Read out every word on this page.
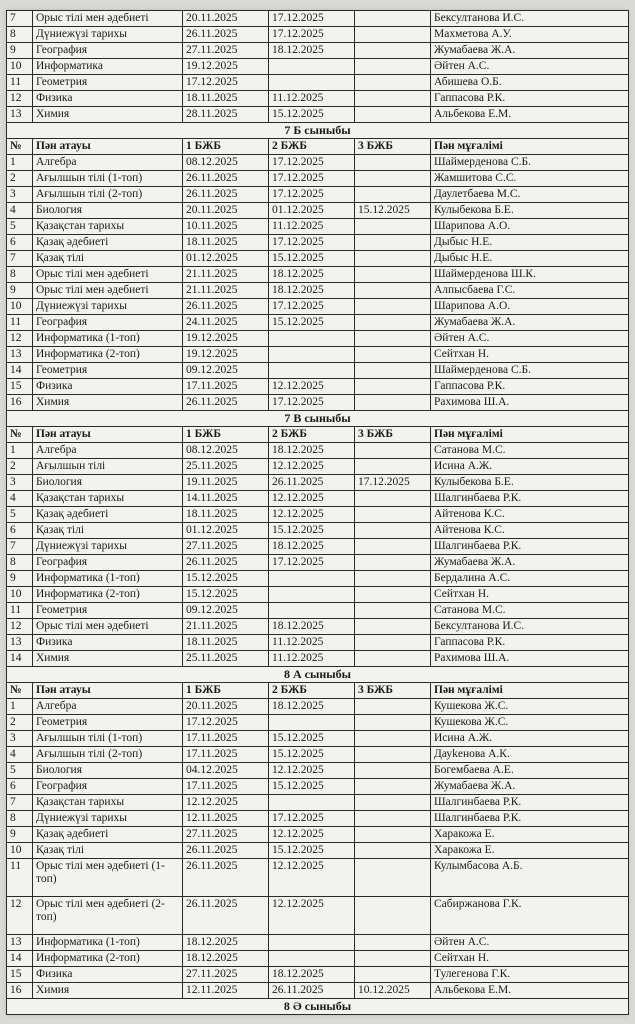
7	Орыс тілі мен әдебиеті	20.11.2025	17.12.2025		Бексултанова И.С.
8	Дүниежүзі тарихы	26.11.2025	17.12.2025		Махметова А.У.
9	География	27.11.2025	18.12.2025		Жумабаева Ж.А.
10	Информатика	19.12.2025			Әйтен А.С.
11	Геометрия	17.12.2025			Абишева О.Б.
12	Физика	18.11.2025	11.12.2025		Гаппасова Р.К.
13	Химия	28.11.2025	15.12.2025		Альбекова Е.М.
7 Б сыныбы					
№	Пән атауы	1 БЖБ	2 БЖБ	3 БЖБ	Пән мұғалімі
1	Алгебра	08.12.2025	17.12.2025		Шаймерденова С.Б.
2	Ағылшын тілі (1-топ)	26.11.2025	17.12.2025		Жамшитова С.С.
3	Ағылшын тілі (2-топ)	26.11.2025	17.12.2025		Даулетбаева М.С.
4	Биология	20.11.2025	01.12.2025	15.12.2025	Кулыбекова Б.Е.
5	Қазақстан тарихы	10.11.2025	11.12.2025		Шарипова А.О.
6	Қазақ әдебиеті	18.11.2025	17.12.2025		Дыбыс Н.Е.
7	Қазақ тілі	01.12.2025	15.12.2025		Дыбыс Н.Е.
8	Орыс тілі мен әдебиеті	21.11.2025	18.12.2025		Шаймерденова Ш.К.
9	Орыс тілі мен әдебиеті	21.11.2025	18.12.2025		Алпысбаева Г.С.
10	Дүниежүзі тарихы	26.11.2025	17.12.2025		Шарипова А.О.
11	География	24.11.2025	15.12.2025		Жумабаева Ж.А.
12	Информатика (1-топ)	19.12.2025			Әйтен А.С.
13	Информатика (2-топ)	19.12.2025			Сейтхан Н.
14	Геометрия	09.12.2025			Шаймерденова С.Б.
15	Физика	17.11.2025	12.12.2025		Гаппасова Р.К.
16	Химия	26.11.2025	17.12.2025		Рахимова Ш.А.
7 В сыныбы					
№	Пән атауы	1 БЖБ	2 БЖБ	3 БЖБ	Пән мұғалімі
1	Алгебра	08.12.2025	18.12.2025		Сатанова М.С.
2	Ағылшын тілі	25.11.2025	12.12.2025		Исина А.Ж.
3	Биология	19.11.2025	26.11.2025	17.12.2025	Кулыбекова Б.Е.
4	Қазақстан тарихы	14.11.2025	12.12.2025		Шалгинбаева Р.К.
5	Қазақ әдебиеті	18.11.2025	12.12.2025		Айтенова К.С.
6	Қазақ тілі	01.12.2025	15.12.2025		Айтенова К.С.
7	Дүниежүзі тарихы	27.11.2025	18.12.2025		Шалгинбаева Р.К.
8	География	26.11.2025	17.12.2025		Жумабаева Ж.А.
9	Информатика (1-топ)	15.12.2025			Бердалина А.С.
10	Информатика (2-топ)	15.12.2025			Сейтхан Н.
11	Геометрия	09.12.2025			Сатанова М.С.
12	Орыс тілі мен әдебиеті	21.11.2025	18.12.2025		Бексултанова И.С.
13	Физика	18.11.2025	11.12.2025		Гаппасова Р.К.
14	Химия	25.11.2025	11.12.2025		Рахимова Ш.А.
8 А сыныбы					
№	Пән атауы	1 БЖБ	2 БЖБ	3 БЖБ	Пән мұғалімі
1	Алгебра	20.11.2025	18.12.2025		Кушекова Ж.С.
2	Геометрия	17.12.2025			Кушекова Ж.С.
3	Ағылшын тілі (1-топ)	17.11.2025	15.12.2025		Исина А.Ж.
4	Ағылшын тілі (2-топ)	17.11.2025	15.12.2025		Дауkенова А.К.
5	Биология	04.12.2025	12.12.2025		Богембаева А.Е.
6	География	17.11.2025	15.12.2025		Жумабаева Ж.А.
7	Қазақстан тарихы	12.12.2025			Шалгинбаева Р.К.
8	Дүниежүзі тарихы	12.11.2025	17.12.2025		Шалгинбаева Р.К.
9	Қазақ әдебиеті	27.11.2025	12.12.2025		Харакожа Е.
10	Қазақ тілі	26.11.2025	15.12.2025		Харакожа Е.
11	Орыс тілі мен әдебиеті (1-топ)	26.11.2025	12.12.2025		Кулымбасова А.Б.
12	Орыс тілі мен әдебиеті (2-топ)	26.11.2025	12.12.2025		Сабиржанова Г.К.
13	Информатика (1-топ)	18.12.2025			Әйтен А.С.
14	Информатика (2-топ)	18.12.2025			Сейтхан Н.
15	Физика	27.11.2025	18.12.2025		Тулегенова Г.К.
16	Химия	12.11.2025	26.11.2025	10.12.2025	Альбекова Е.М.
8 Ә сыныбы					
